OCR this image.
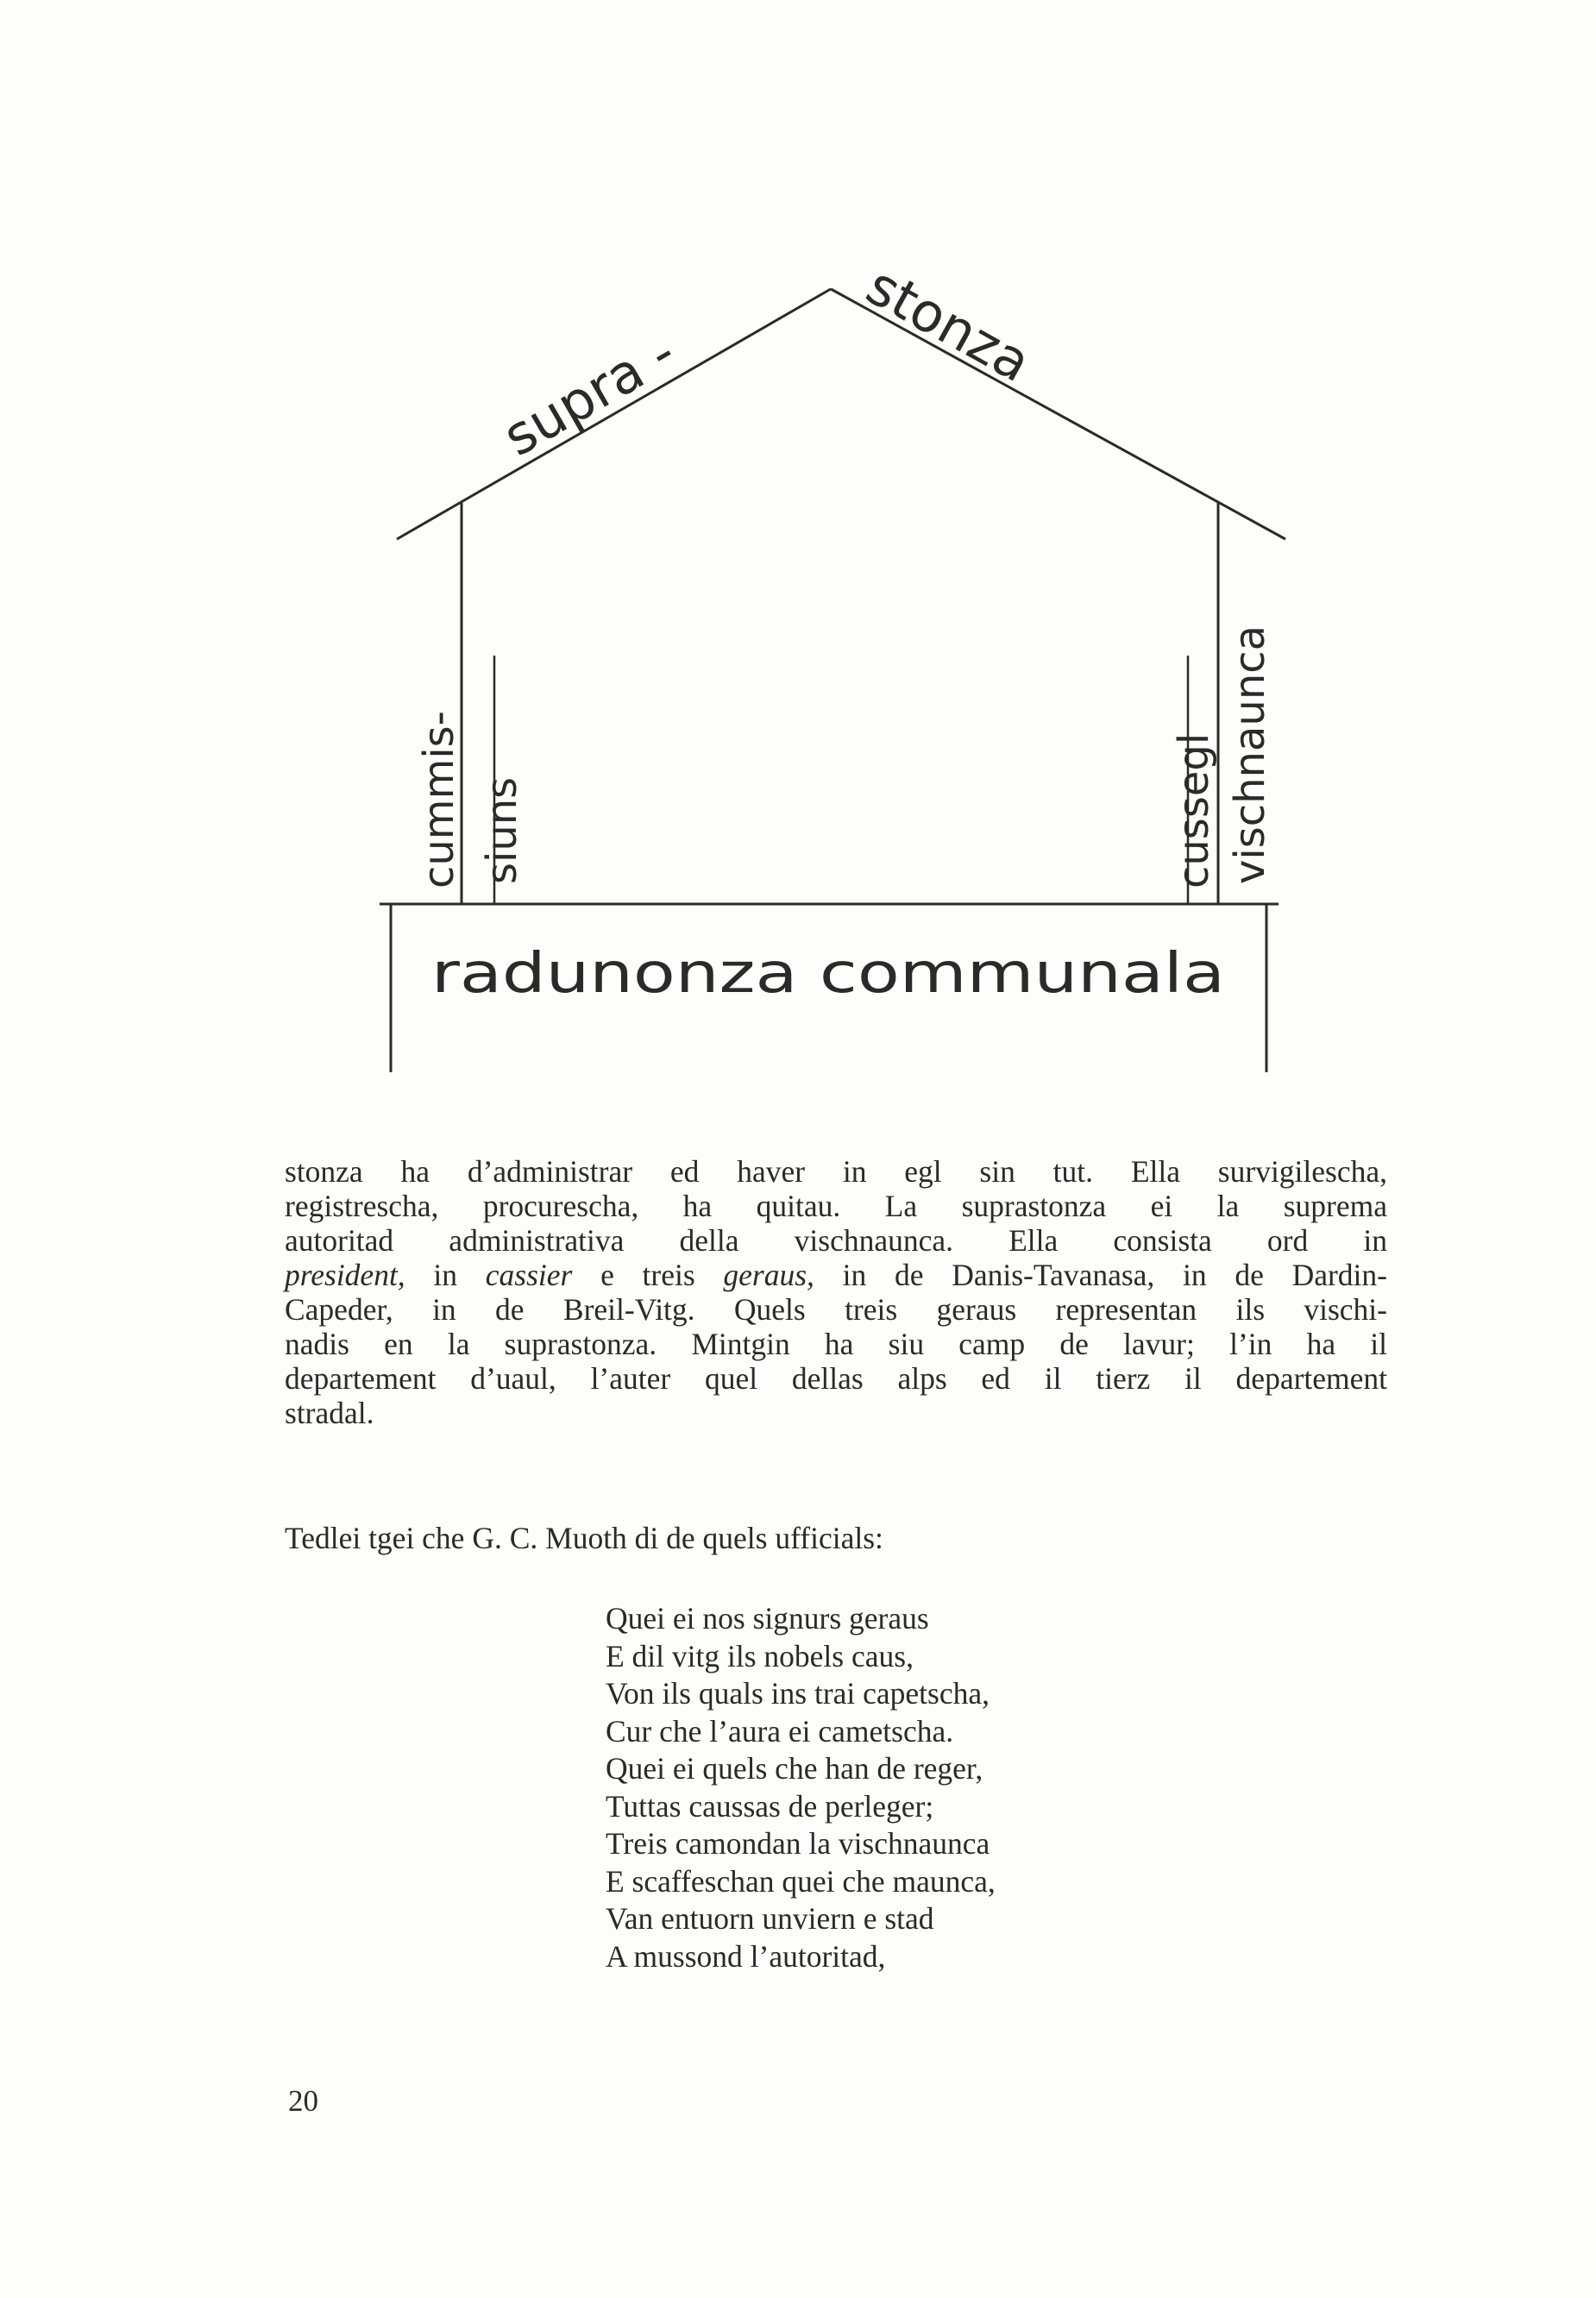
supra -	stonza
cummis- siuns	cussegl vischnaunca
radunonza communala
stonza ha d’administrar ed haver in egl sin tut. Ella survigilescha,
registrescha, procurescha, ha quitau. La suprastonza ei la suprema
autoritad administrativa della vischnaunca. Ella consista ord in
president, in cassier e treis geraus, in de Danis-Tavanasa, in de Dardin-
Capeder, in de Breil-Vitg. Quels treis geraus representan ils vischi-
nadis en la suprastonza. Mintgin ha siu camp de lavur; l’in ha il
departement d’uaul, l’auter quel dellas alps ed il tierz il departement
stradal.

Tedlei tgei che G. C. Muoth di de quels ufficials:

Quei ei nos signurs geraus
E dil vitg ils nobels caus,
Von ils quals ins trai capetscha,
Cur che l’aura ei cametscha.
Quei ei quels che han de reger,
Tuttas caussas de perleger;
Treis camondan la vischnaunca
E scaffeschan quei che maunca,
Van entuorn unviern e stad
A mussond l’autoritad,
20
